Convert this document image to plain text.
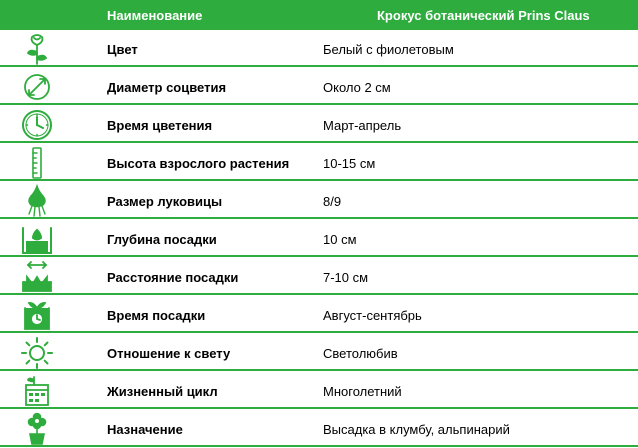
Наименование	Крокус ботанический Prins Claus
Цвет	Белый с фиолетовым
Диаметр соцветия	Около 2 см
Время цветения	Март-апрель
Высота взрослого растения	10-15 см
Размер луковицы	8/9
Глубина посадки	10 см
Расстояние посадки	7-10 см
Время посадки	Август-сентябрь
Отношение к свету	Светолюбив
Жизненный цикл	Многолетний
Назначение	Высадка в клумбу, альпинарий
